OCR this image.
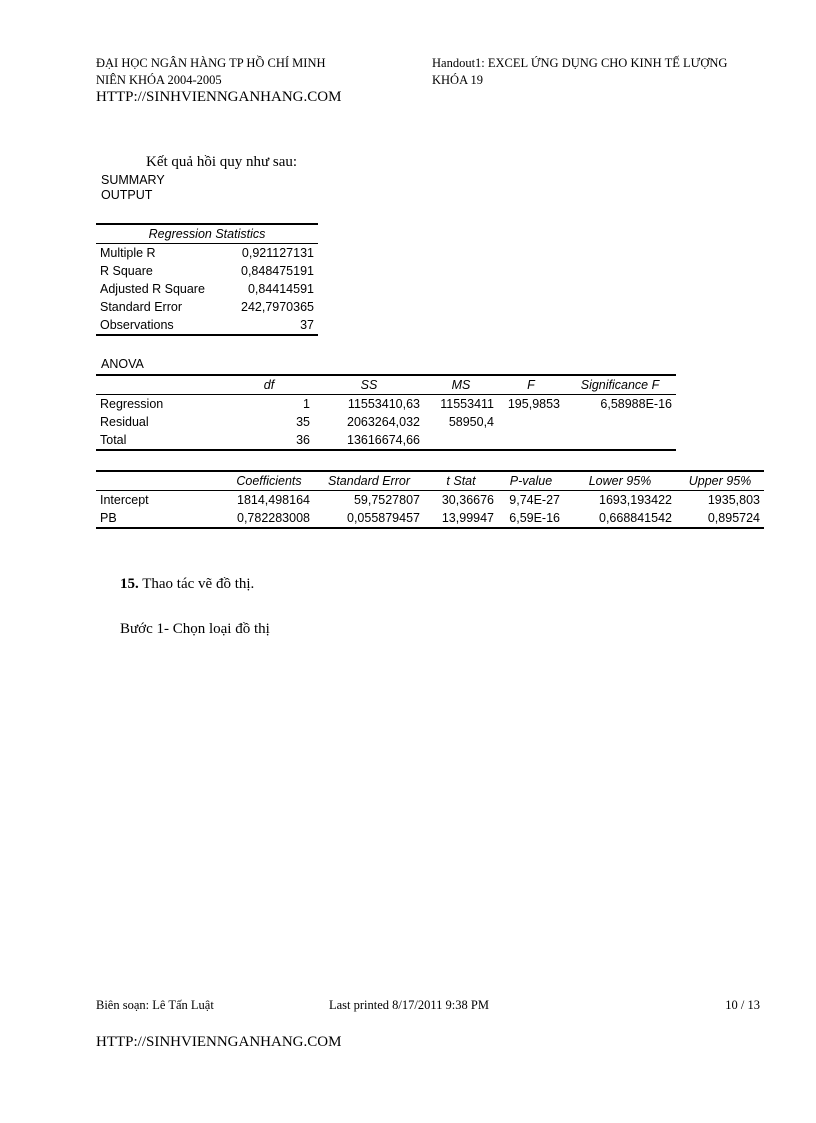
ĐẠI HỌC NGÂN HÀNG TP HỒ CHÍ MINH
NIÊN KHÓA 2004-2005
HTTP://SINHVIENNGANHANG.COM
Handout1: EXCEL ỨNG DỤNG CHO KINH TẾ LƯỢNG
KHÓA 19
Kết quả hồi quy như sau:
SUMMARY
OUTPUT
Regression Statistics	
Multiple R	0,921127131
R Square	0,848475191
Adjusted R Square	0,84414591
Standard Error	242,7970365
Observations	37
ANOVA
	df	SS	MS	F	Significance F
Regression	1	11553410,63	11553411	195,9853	6,58988E-16
Residual	35	2063264,032	58950,4		
Total	36	13616674,66			
	Coefficients	Standard Error	t Stat	P-value	Lower 95%	Upper 95%
Intercept	1814,498164	59,7527807	30,36676	9,74E-27	1693,193422	1935,803
PB	0,782283008	0,055879457	13,99947	6,59E-16	0,668841542	0,895724
15. Thao tác vẽ đồ thị.
Bước 1- Chọn loại đồ thị
Biên soạn: Lê Tấn Luật	Last printed 8/17/2011 9:38 PM	10 / 13
HTTP://SINHVIENNGANHANG.COM
